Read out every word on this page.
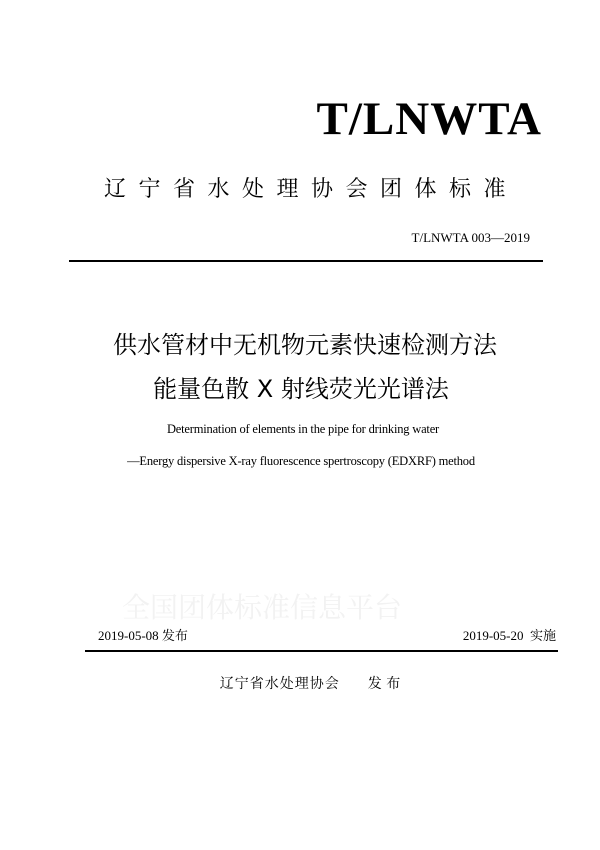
T/LNWTA
辽宁省水处理协会团体标准
T/LNWTA 003—2019
供水管材中无机物元素快速检测方法
能量色散 X 射线荧光光谱法
Determination of elements in the pipe for drinking water
—Energy dispersive X-ray fluorescence spertroscopy (EDXRF) method
全国团体标准信息平台
2019-05-08 发布	2019-05-20 实施
辽宁省水处理协会 发 布
